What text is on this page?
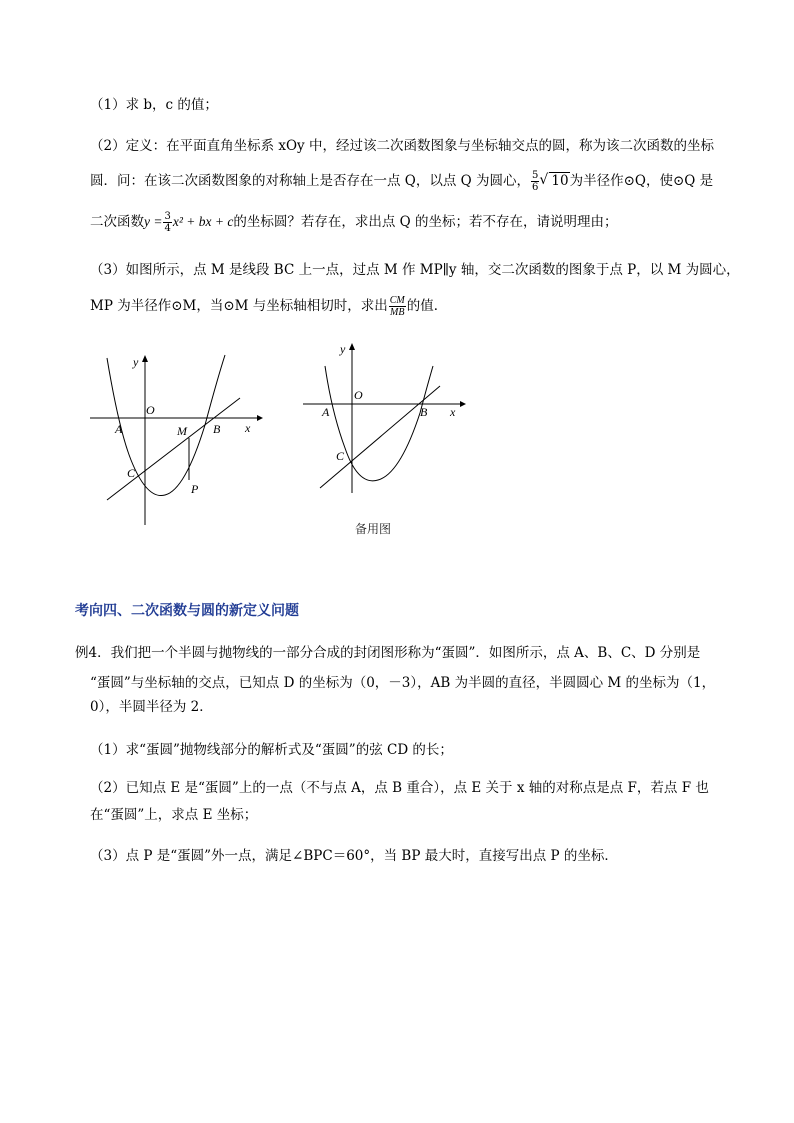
（1）求 b，c 的值；
（2）定义：在平面直角坐标系 xOy 中，经过该二次函数图象与坐标轴交点的圆，称为该二次函数的坐标
圆．问：在该二次函数图象的对称轴上是否存在一点 Q，以点 Q 为圆心， $\frac{5}{6}$
√ 10为半径作⊙Q，使⊙Q 是
二次函数$y = \frac{3}{4} x^2$ + bx + c的坐标圆？若存在，求出点 Q 的坐标；若不存在，请说明理由；
（3）如图所示，点 M 是线段 BC 上一点，过点 M 作 MP∥y 轴，交二次函数的图象于点 P，以 M 为圆心，
MP 为半径作⊙M，当⊙M 与坐标轴相切时，求出 $\frac{CM}{MB}$ 的值．
y
x
O
A	B
C
M
P
y
x
O
A	B
C
备用图
考向四、二次函数与圆的新定义问题
例4．我们把一个半圆与抛物线的一部分合成的封闭图形称为“蛋圆”．如图所示，点 A、B、C、D 分别是
“蛋圆”与坐标轴的交点，已知点 D 的坐标为（0，－3），AB 为半圆的直径，半圆圆心 M 的坐标为（1，
0），半圆半径为 2．
（1）求“蛋圆”抛物线部分的解析式及“蛋圆”的弦 CD 的长；
（2）已知点 E 是“蛋圆”上的一点（不与点 A，点 B 重合），点 E 关于 x 轴的对称点是点 F，若点 F 也
在“蛋圆”上，求点 E 坐标；
（3）点 P 是“蛋圆”外一点，满足∠BPC＝60°，当 BP 最大时，直接写出点 P 的坐标．
